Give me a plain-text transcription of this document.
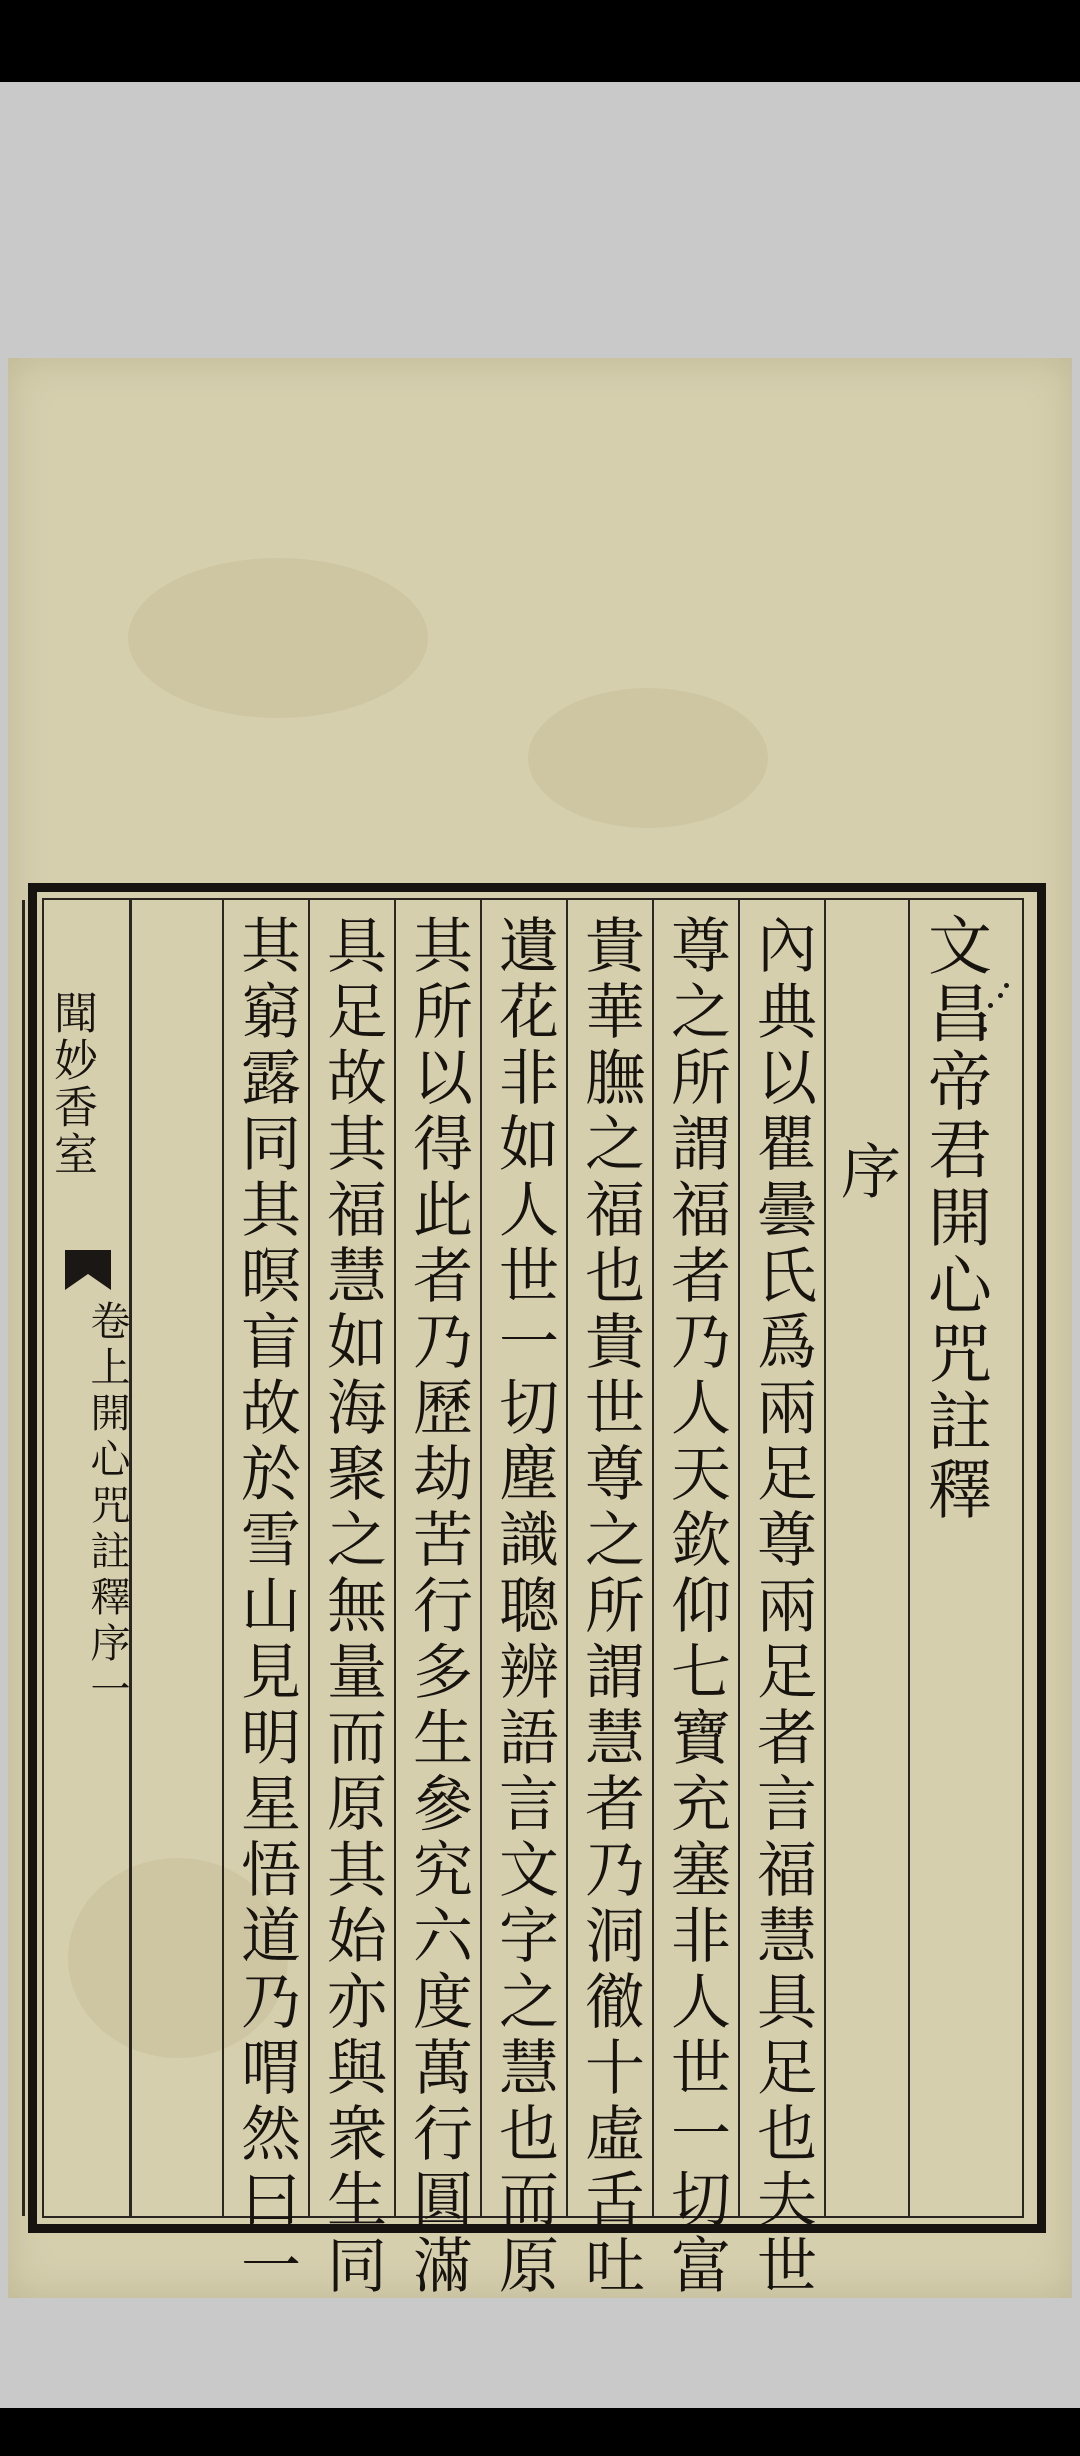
文昌帝君開心咒註釋
序
內典以瞿曇氏爲兩足尊兩足者言福慧具足也夫世
尊之所謂福者乃人天欽仰七寶充塞非人世一切富
貴華膴之福也貴世尊之所謂慧者乃洞徹十虛舌吐
遺花非如人世一切塵識聰辨語言文字之慧也而原
其所以得此者乃歷劫苦行多生參究六度萬行圓滿
具足故其福慧如海聚之無量而原其始亦與衆生同
其窮露同其暝盲故於雪山見明星悟道乃喟然曰一
聞妙香室
卷上開心咒註釋序一
